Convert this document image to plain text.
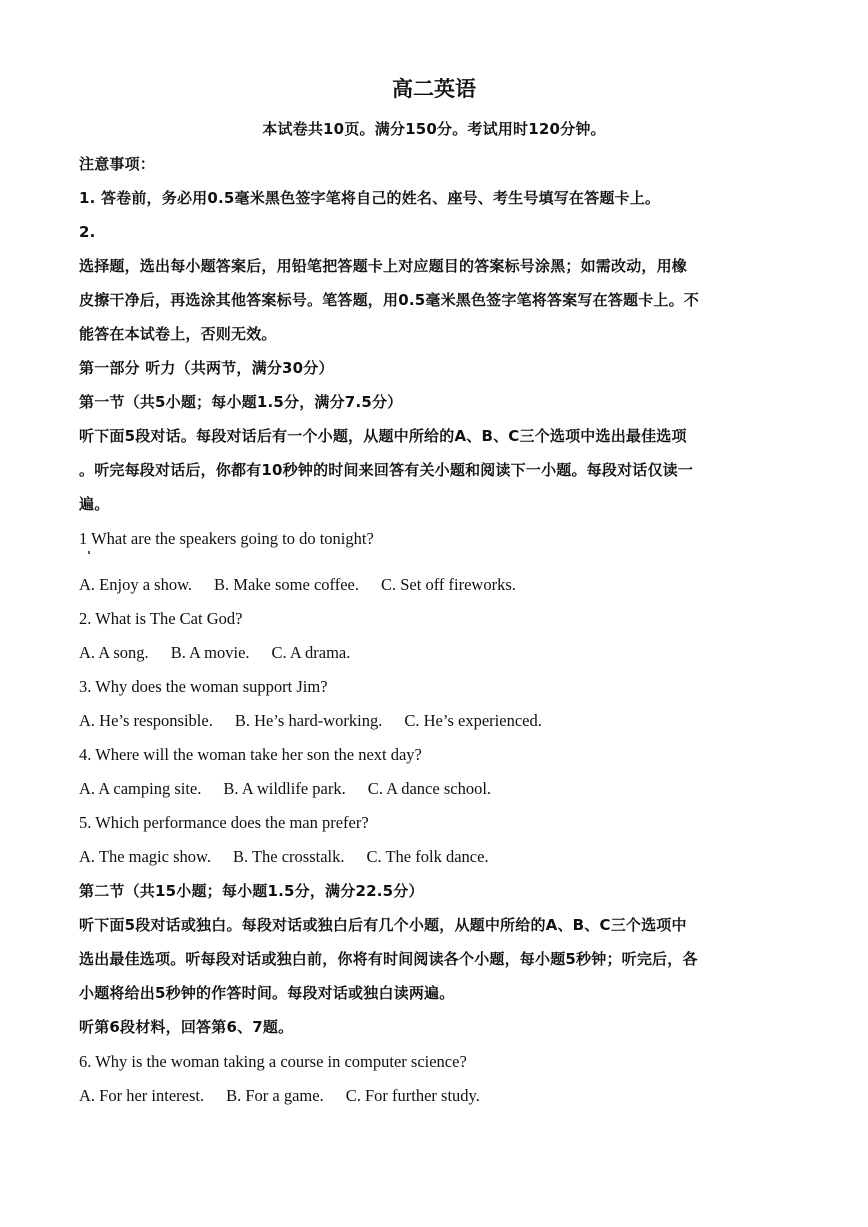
高二英语
本试卷共10页。满分150分。考试用时120分钟。
注意事项：
1. 答卷前，务必用0.5毫米黑色签字笔将自己的姓名、座号、考生号填写在答题卡上。
2.
选择题，选出每小题答案后，用铅笔把答题卡上对应题目的答案标号涂黑；如需改动，用橡
皮擦干净后，再选涂其他答案标号。笔答题，用0.5毫米黑色签字笔将答案写在答题卡上。不
能答在本试卷上，否则无效。
第一部分 听力（共两节，满分30分）
第一节（共5小题；每小题1.5分，满分7.5分）
听下面5段对话。每段对话后有一个小题，从题中所给的A、B、C三个选项中选出最佳选项
。听完每段对话后，你都有10秒钟的时间来回答有关小题和阅读下一小题。每段对话仅读一
遍。
1 What are the speakers going to do tonight?
A. Enjoy a show. B. Make some coffee. C. Set off fireworks.
2. What is The Cat God?
A. A song. B. A movie. C. A drama.
3. Why does the woman support Jim?
A. He’s responsible. B. He’s hard-working. C. He’s experienced.
4. Where will the woman take her son the next day?
A. A camping site. B. A wildlife park. C. A dance school.
5. Which performance does the man prefer?
A. The magic show. B. The crosstalk. C. The folk dance.
第二节（共15小题；每小题1.5分，满分22.5分）
听下面5段对话或独白。每段对话或独白后有几个小题，从题中所给的A、B、C三个选项中
选出最佳选项。听每段对话或独白前，你将有时间阅读各个小题，每小题5秒钟；听完后，各
小题将给出5秒钟的作答时间。每段对话或独白读两遍。
听第6段材料，回答第6、7题。
6. Why is the woman taking a course in computer science?
A. For her interest. B. For a game. C. For further study.
